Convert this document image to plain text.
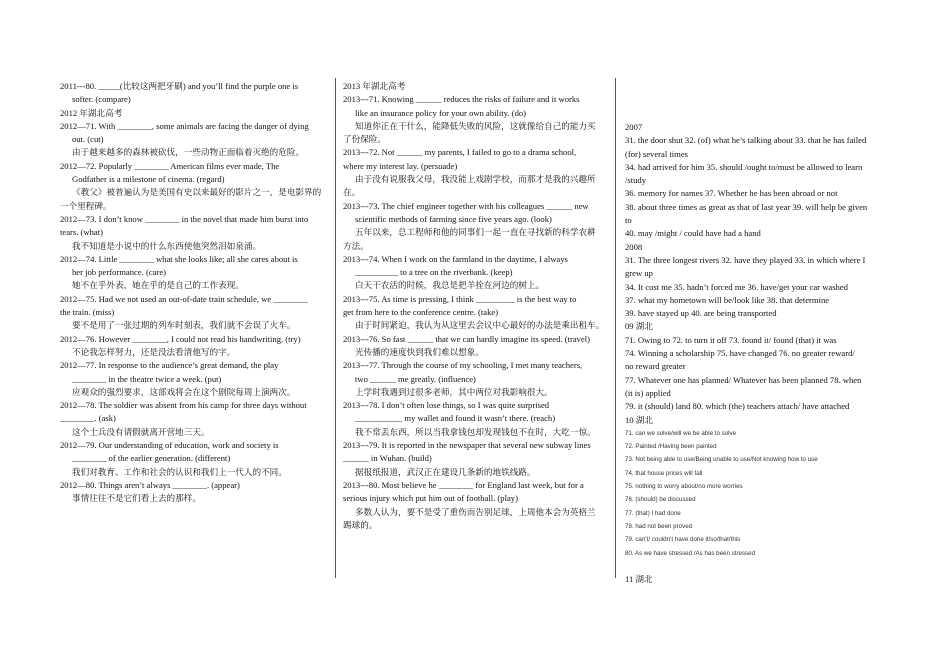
2011---80. _____(比较这两把牙刷) and you’ll find the purple one is

softer. (compare)

2012 年湖北高考

2012—71. With ________, some animals are facing the danger of dying

out. (cut)

由于越来越多的森林被砍伐，一些动物正面临着灭绝的危险。

2012—72. Popularly ________ American films ever made, The

Godfather is a milestone of cinema. (regard)

《教父》被普遍认为是美国有史以来最好的影片之一，是电影界的

一个里程碑。

2012—73. I don’t know ________ in the novel that made him burst into

tears. (what)

我不知道是小说中的什么东西使他突然泪如泉涌。

2012—74. Little ________ what she looks like; all she cares about is

her job performance. (care)

她不在乎外表，她在乎的是自己的工作表现。

2012—75. Had we not used an out-of-date train schedule, we ________

the train. (miss)

要不是用了一张过期的列车时刻表，我们就不会误了火车。

2012—76. However ________, I could not read his handwriting. (try)

不论我怎样努力，还是没法看清他写的字。

2012—77. In response to the audience’s great demand, the play

________ in the theatre twice a week. (put)

应观众的强烈要求，这部戏将会在这个剧院每周上演两次。

2012—78. The soldier was absent from his camp for three days without

________. (ask)

这个士兵没有请假就离开营地三天。

2012—79. Our understanding of education, work and society is

________ of the earlier generation. (different)

我们对教育、工作和社会的认识和我们上一代人的不同。

2012—80. Things aren’t always ________. (appear)

事情往往不是它们看上去的那样。

2013 年湖北高考

2013---71. Knowing ______ reduces the risks of failure and it works

like an insurance policy for your own ability. (do)

知道你正在干什么，能降低失败的风险，这就像给自己的能力买

了份保险。

2013---72. Not ______ my parents, I failed to go to a drama school,

where my interest lay. (persuade)

由于没有说服我父母，我没能上戏剧学校，而那才是我的兴趣所

在。

2013---73. The chief engineer together with his colleagues ______ new

scientific methods of farming since five years ago. (look)

五年以来，总工程师和他的同事们一起一直在寻找新的科学农耕

方法。

2013---74. When I work on the farmland in the daytime, I always

__________ to a tree on the riverbank. (keep)

白天干农活的时候，我总是把羊拴在河边的树上。

2013---75. As time is pressing, I think _________ is the best way to

get from here to the conference centre. (take)

由于时间紧迫，我认为从这里去会议中心最好的办法是乘出租车。

2013---76. So fast ______ that we can hardly imagine its speed. (travel)

光传播的速度快到我们难以想象。

2013---77. Through the course of my schooling, I met many teachers,

two ______ me greatly. (influence)

上学时我遇到过很多老师，其中两位对我影响很大。

2013---78. I don’t often lose things, so I was quite surprised

___________ my wallet and found it wasn’t there. (reach)

我不常丢东西，所以当我拿钱包却发现钱包不在时，大吃一惊。

2013---79. It is reported in the newspaper that several new subway lines

______ in Wuhan. (build)

据报纸报道，武汉正在建设几条新的地铁线路。

2013---80. Most believe he ________ for England last week, but for a

serious injury which put him out of football. (play)

多数人认为，要不是受了重伤而告别足球，上周他本会为英格兰

踢球的。

2007

31. the door shut 32. (of) what he’s talking about 33. that he has failed

(for) several times

34. had arrived for him 35. should /ought to/must be allowed to learn

/study

36. memory for names 37. Whether he has been abroad or not

38. about three times as great as that of last year 39. will help be given

to

40. may /might / could have had a hand

2008

31. The three longest rivers 32. have they played 33. in which where I

grew up

34. It cost me 35. hadn’t forced me 36. have/get your car washed

37. what my hometown will be/look like 38. that determine

39. have stayed up 40. are being transported

09 湖北

71. Owing to 72. to turn it off 73. found it/ found (that) it was

74. Winning a scholarship 75. have changed 76. no greater reward/

no reward greater

77. Whatever one has planned/ Whatever has been planned 78. when

(it is) applied

79. it (should) land 80. which (the) teachers attach/ have attached

10 湖北

71. can we solve/will we be able to solve

72. Painted /Having been painted

73. Not being able to use/Being unable to use/Not knowing how to use

74. that house prices will fall

75. nothing to worry about/no more worries

76. (should) be discussed

77. (that) I had done

78. had not been proved

79. can’t/ couldn’t have done it/so/that/this

80. As we have stressed /As has been stressed

11 湖北
